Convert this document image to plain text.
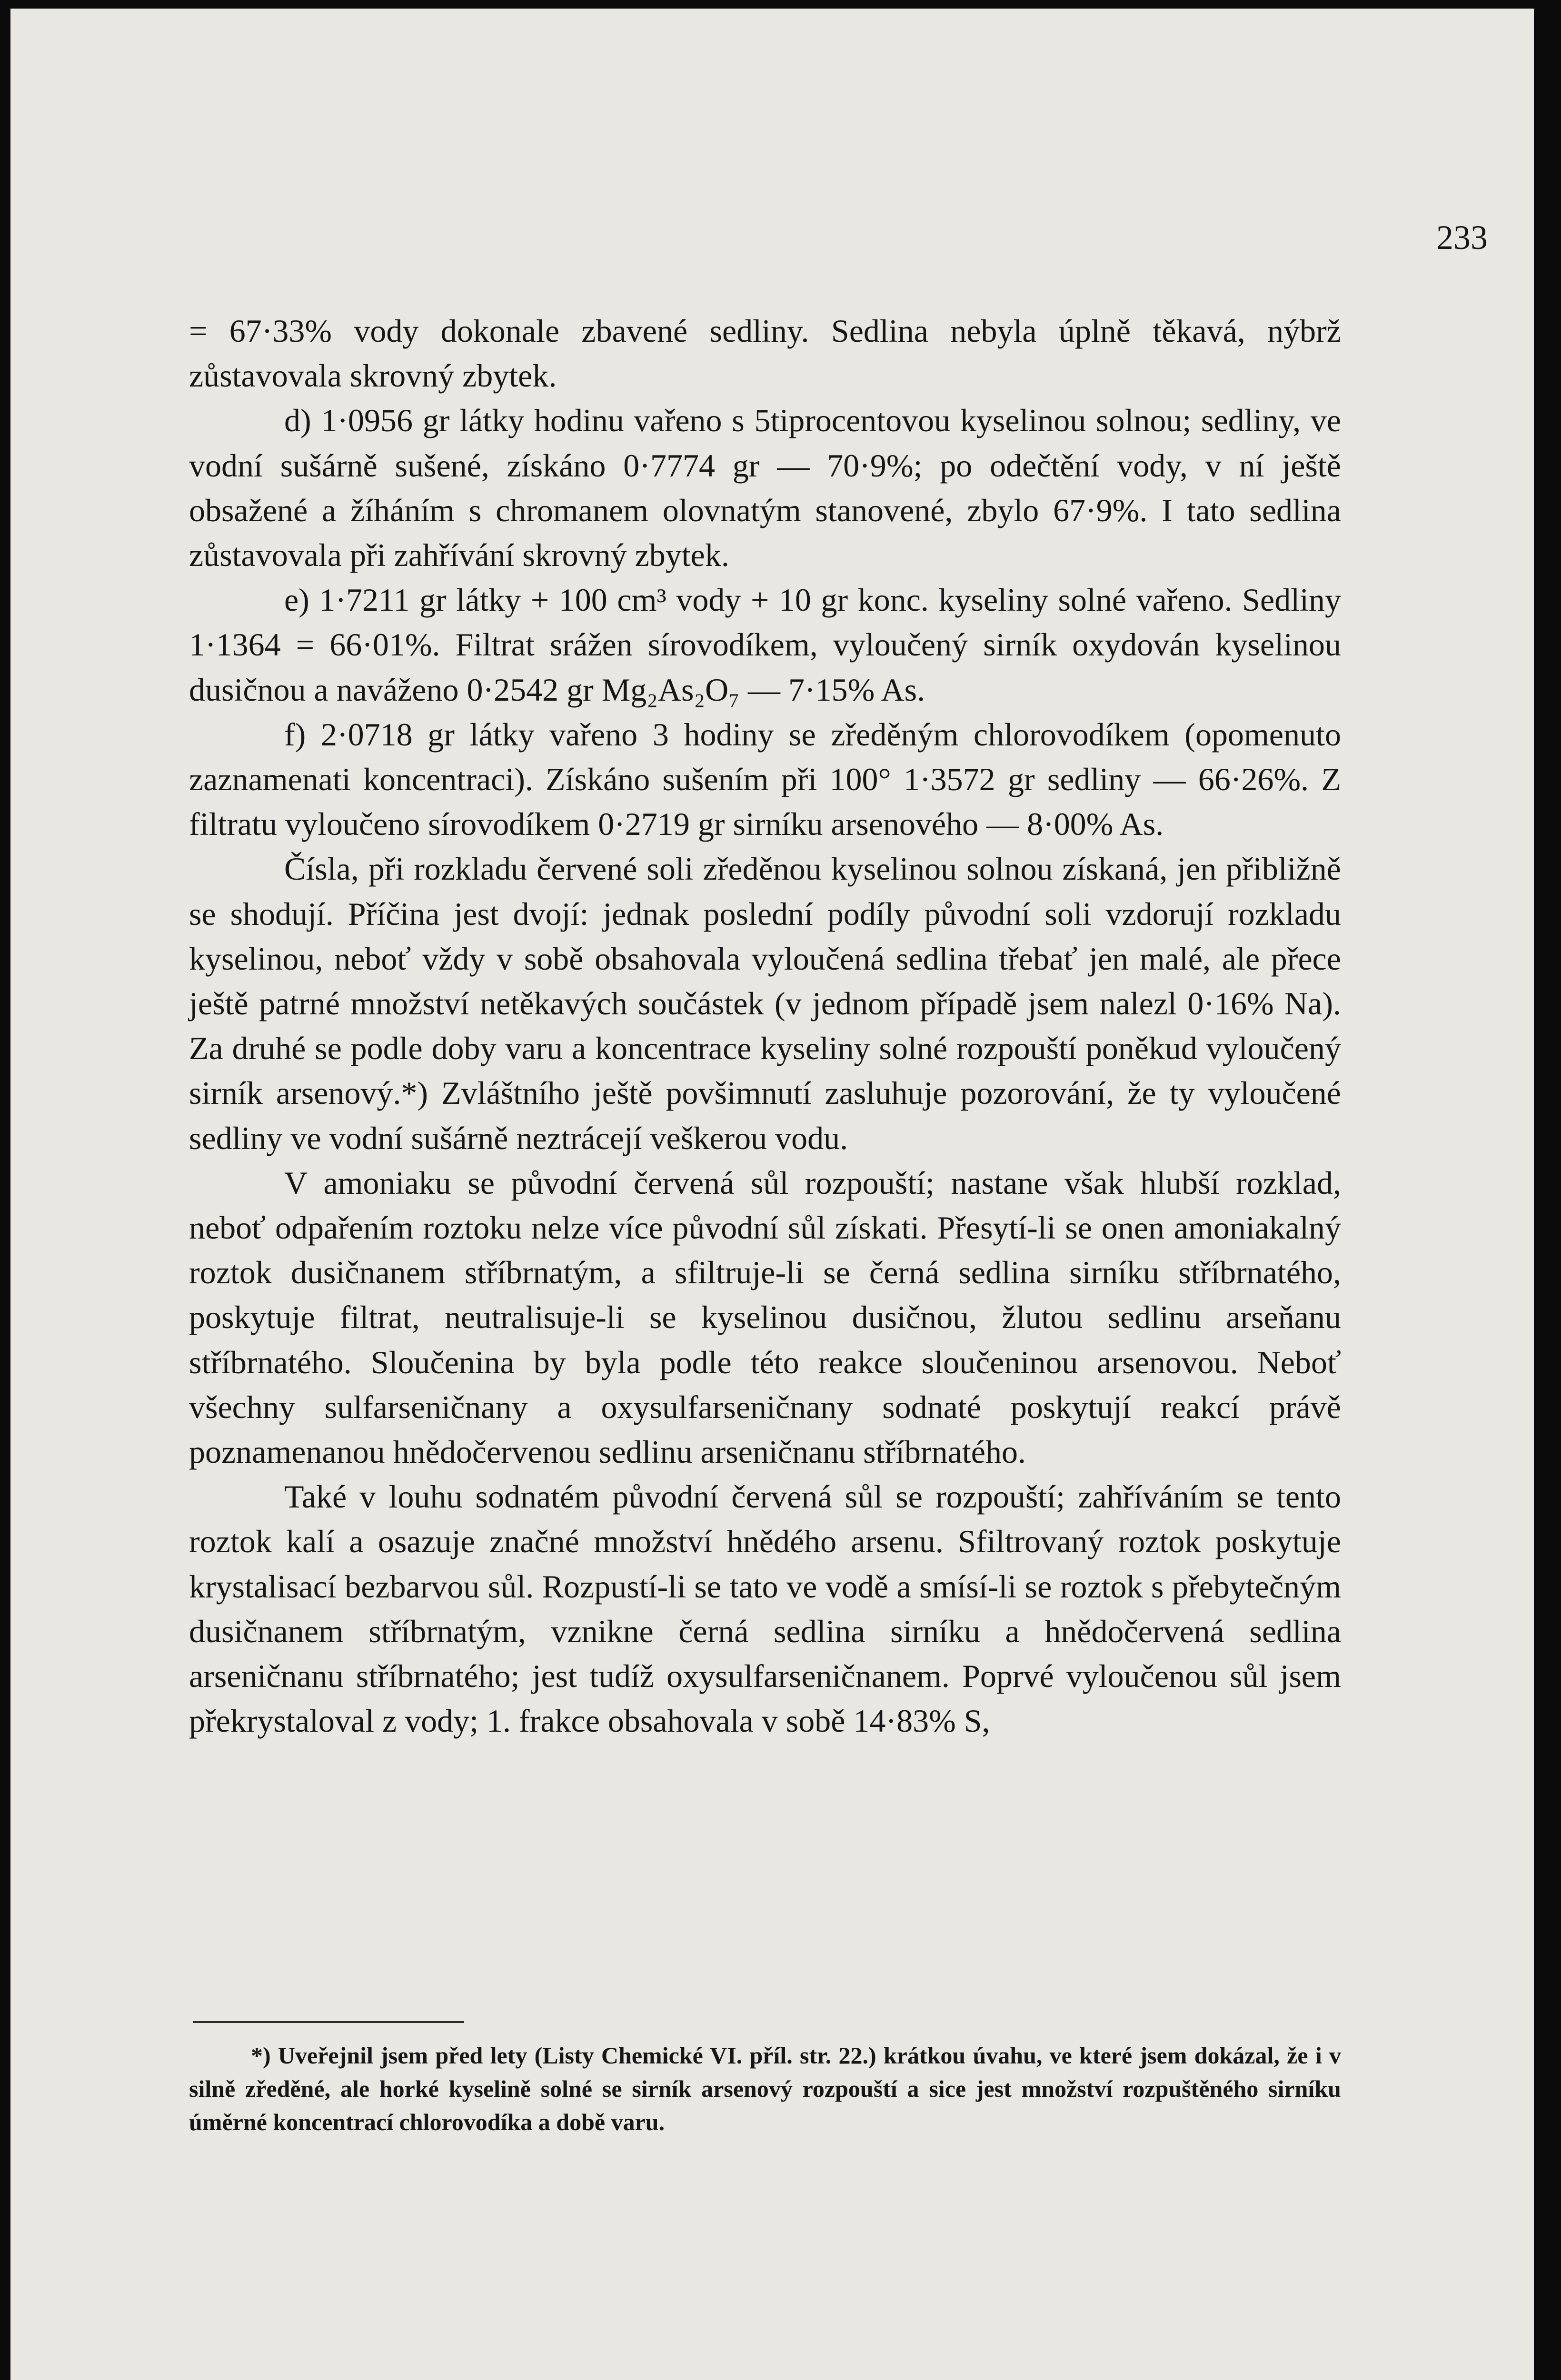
233

= 67·33% vody dokonale zbavené sedliny. Sedlina nebyla úplně těkavá, nýbrž zůstavovala skrovný zbytek.

d) 1·0956 gr látky hodinu vařeno s 5tiprocentovou kyselinou solnou; sedliny, ve vodní sušárně sušené, získáno 0·7774 gr — 70·9%; po odečtění vody, v ní ještě obsažené a žíháním s chromanem olovnatým stanovené, zbylo 67·9%. I tato sedlina zůstavovala při zahřívání skrovný zbytek.

e) 1·7211 gr látky + 100 cm³ vody + 10 gr konc. kyseliny solné vařeno. Sedliny 1·1364 = 66·01%. Filtrat srážen sírovodíkem, vyloučený sirník oxydován kyselinou dusičnou a naváženo 0·2542 gr Mg₂As₂O₇ — 7·15% As.

f) 2·0718 gr látky vařeno 3 hodiny se zředěným chlorovodíkem (opomenuto zaznamenati koncentraci). Získáno sušením při 100° 1·3572 gr sedliny — 66·26%. Z filtratu vyloučeno sírovodíkem 0·2719 gr sirníku arsenového — 8·00% As.

Čísla, při rozkladu červené soli zředěnou kyselinou solnou získaná, jen přibližně se shodují. Příčina jest dvojí: jednak poslední podíly původní soli vzdorují rozkladu kyselinou, neboť vždy v sobě obsahovala vyloučená sedlina třebať jen malé, ale přece ještě patrné množství netěkavých součástek (v jednom případě jsem nalezl 0·16% Na). Za druhé se podle doby varu a koncentrace kyseliny solné rozpouští poněkud vyloučený sirník arsenový.*) Zvláštního ještě povšimnutí zasluhuje pozorování, že ty vyloučené sedliny ve vodní sušárně neztrácejí veškerou vodu.

V amoniaku se původní červená sůl rozpouští; nastane však hlubší rozklad, neboť odpařením roztoku nelze více původní sůl získati. Přesytí-li se onen amoniakalný roztok dusičnanem stříbrnatým, a sfiltruje-li se černá sedlina sirníku stříbrnatého, poskytuje filtrat, neutralisuje-li se kyselinou dusičnou, žlutou sedlinu arseňanu stříbrnatého. Sloučenina by byla podle této reakce sloučeninou arsenovou. Neboť všechny sulfarseničnany a oxysulfarseničnany sodnaté poskytují reakcí právě poznamenanou hnědočervenou sedlinu arseničnanu stříbrnatého.

Také v louhu sodnatém původní červená sůl se rozpouští; zahříváním se tento roztok kalí a osazuje značné množství hnědého arsenu. Sfiltrovaný roztok poskytuje krystalisací bezbarvou sůl. Rozpustí-li se tato ve vodě a smísí-li se roztok s přebytečným dusičnanem stříbrnatým, vznikne černá sedlina sirníku a hnědočervená sedlina arseničnanu stříbrnatého; jest tudíž oxysulfarseničnanem. Poprvé vyloučenou sůl jsem překrystaloval z vody; 1. frakce obsahovala v sobě 14·83% S,

*) Uveřejnil jsem před lety (Listy Chemické VI. příl. str. 22.) krátkou úvahu, ve které jsem dokázal, že i v silně zředěné, ale horké kyselině solné se sirník arsenový rozpouští a sice jest množství rozpuštěného sirníku úměrné koncentrací chlorovodíka a době varu.
